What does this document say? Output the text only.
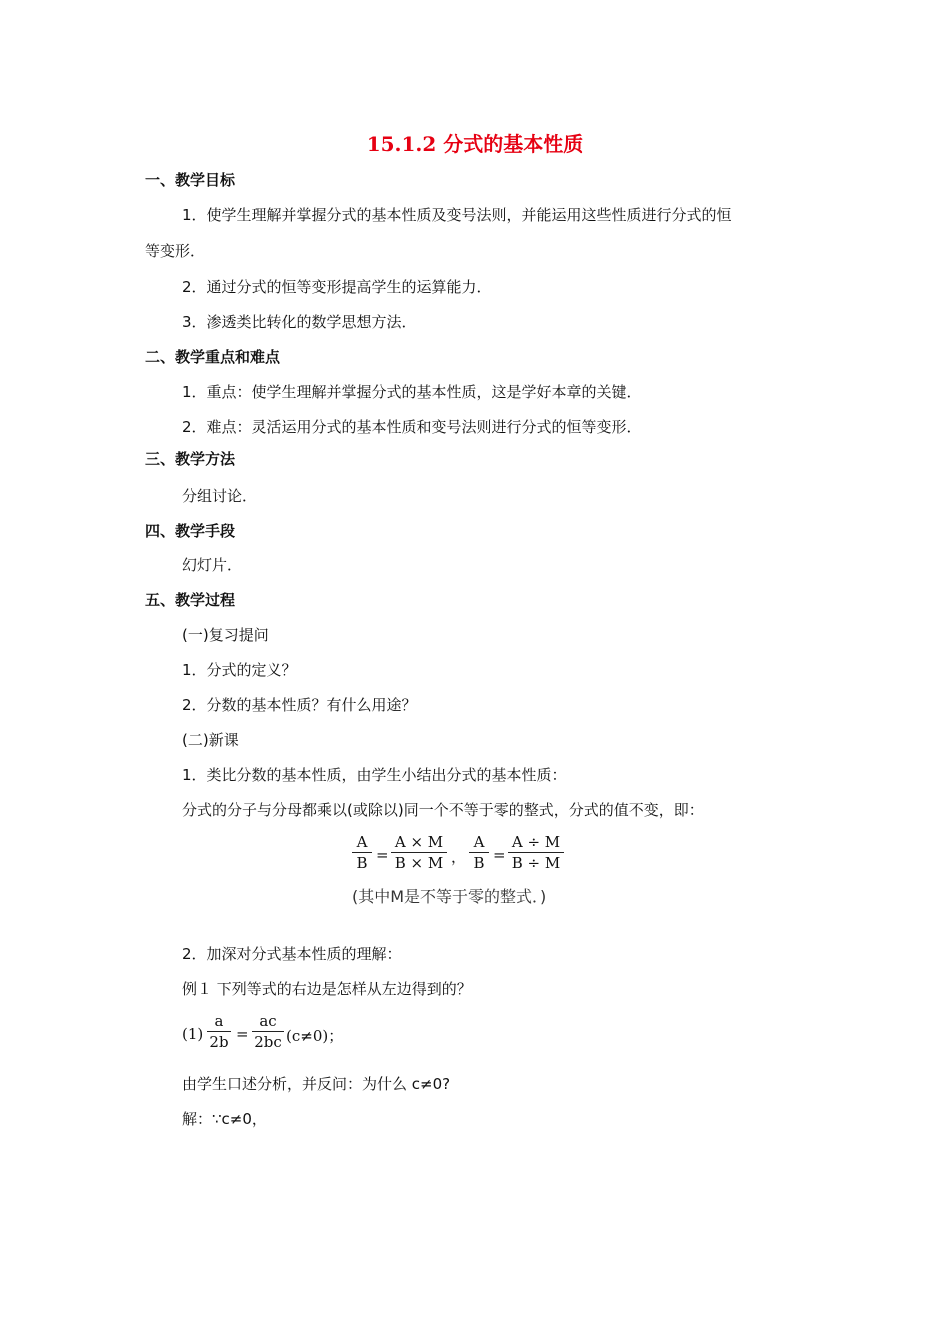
15.1.2 分式的基本性质
一、教学目标
1．使学生理解并掌握分式的基本性质及变号法则，并能运用这些性质进行分式的恒
等变形．
2．通过分式的恒等变形提高学生的运算能力．
3．渗透类比转化的数学思想方法．
二、教学重点和难点
1．重点：使学生理解并掌握分式的基本性质，这是学好本章的关键．
2．难点：灵活运用分式的基本性质和变号法则进行分式的恒等变形．
三、教学方法
分组讨论．
四、教学手段
幻灯片．
五、教学过程
(一)复习提问
1．分式的定义？
2．分数的基本性质？有什么用途？
(二)新课
1．类比分数的基本性质，由学生小结出分式的基本性质：
分式的分子与分母都乘以(或除以)同一个不等于零的整式，分式的值不变，即：
A
B =
A × M
B × M ，
A
B =
A ÷ M
B ÷ M
(其中M是不等于零的整式．)
2．加深对分式基本性质的理解：
例１ 下列等式的右边是怎样从左边得到的？
(1)
a
2b =
ac
2bc (c≠0)；
由学生口述分析，并反问：为什么 c≠0?
解：∵c≠0，
